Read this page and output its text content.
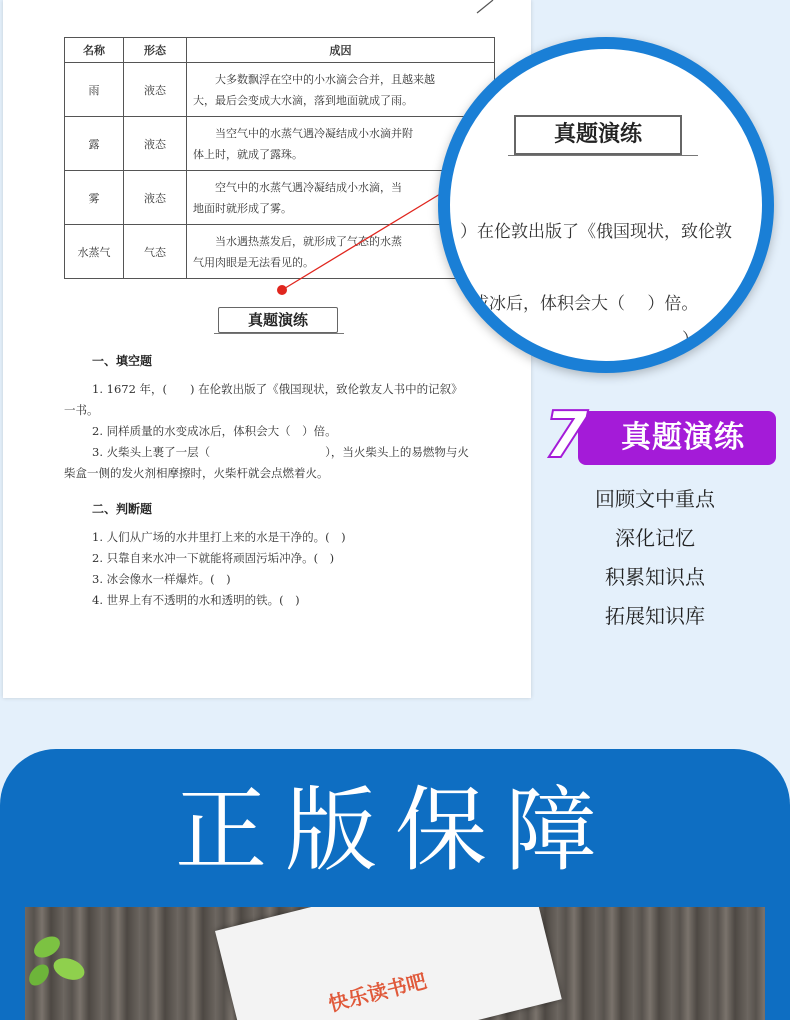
名称	形态	成因
雨	液态	大多数飘浮在空中的小水滴会合并，且越来越
大，最后会变成大水滴，落到地面就成了雨。

露	液态	当空气中的水蒸气遇冷凝结成小水滴并附
体上时，就成了露珠。

雾	液态	空气中的水蒸气遇冷凝结成小水滴，当
地面时就形成了雾。

水蒸气	气态	当水遇热蒸发后，就形成了气态的水蒸
气用肉眼是无法看见的。
真题演练
一、填空题

1. 1672 年，(　　) 在伦敦出版了《俄国现状，致伦敦友人书中的记叙》
一书。

2. 同样质量的水变成冰后，体积会大（　）倍。

3. 火柴头上裹了一层（　　　　　　　　　　），当火柴头上的易燃物与火
柴盒一侧的发火剂相摩擦时，火柴杆就会点燃着火。

二、判断题

1. 人们从广场的水井里打上来的水是干净的。(　)

2. 只靠自来水冲一下就能将顽固污垢冲净。(　)

3. 冰会像水一样爆炸。(　)

4. 世界上有不透明的水和透明的铁。(　)

真题演练
）在伦敦出版了《俄国现状，致伦敦
成冰后，体积会大（　 ）倍。
）
7	真题演练
回顾文中重点
深化记忆
积累知识点
拓展知识库
正版保障
快乐读书吧
